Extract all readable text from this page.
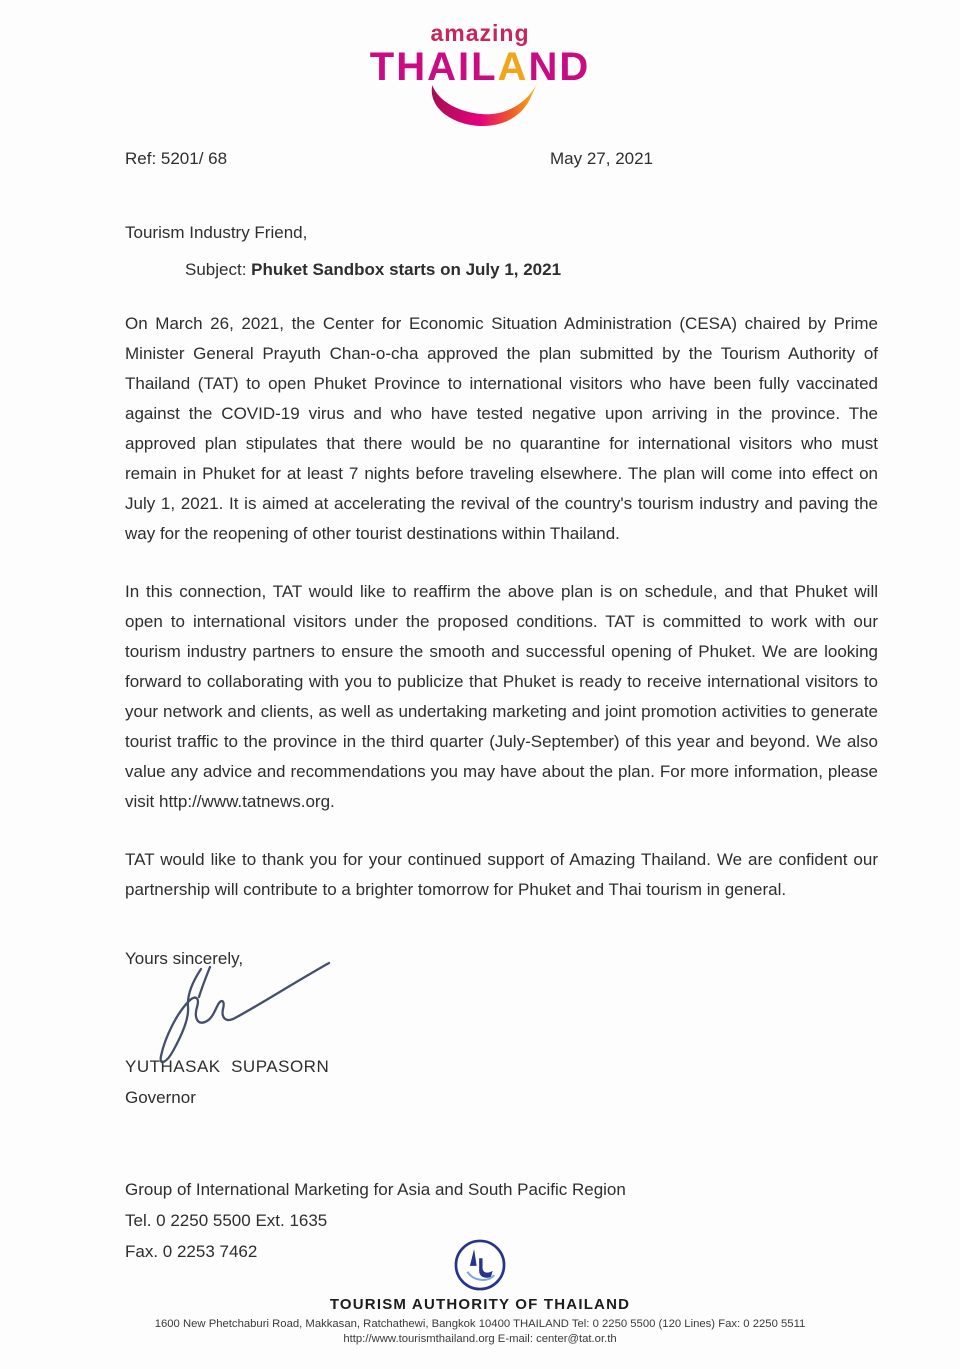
amazing
THAILAND
Ref: 5201/ 68	May 27, 2021
Tourism Industry Friend,
Subject: Phuket Sandbox starts on July 1, 2021

On March 26, 2021, the Center for Economic Situation Administration (CESA) chaired by Prime Minister General Prayuth Chan-o-cha approved the plan submitted by the Tourism Authority of Thailand (TAT) to open Phuket Province to international visitors who have been fully vaccinated against the COVID-19 virus and who have tested negative upon arriving in the province. The approved plan stipulates that there would be no quarantine for international visitors who must remain in Phuket for at least 7 nights before traveling elsewhere. The plan will come into effect on July 1, 2021. It is aimed at accelerating the revival of the country's tourism industry and paving the way for the reopening of other tourist destinations within Thailand.

In this connection, TAT would like to reaffirm the above plan is on schedule, and that Phuket will open to international visitors under the proposed conditions. TAT is committed to work with our tourism industry partners to ensure the smooth and successful opening of Phuket. We are looking forward to collaborating with you to publicize that Phuket is ready to receive international visitors to your network and clients, as well as undertaking marketing and joint promotion activities to generate tourist traffic to the province in the third quarter (July-September) of this year and beyond. We also value any advice and recommendations you may have about the plan. For more information, please visit http://www.tatnews.org.

TAT would like to thank you for your continued support of Amazing Thailand. We are confident our partnership will contribute to a brighter tomorrow for Phuket and Thai tourism in general.

Yours sincerely,
YUTHASAK  SUPASORN
Governor
Group of International Marketing for Asia and South Pacific Region
Tel. 0 2250 5500 Ext. 1635
Fax. 0 2253 7462
TOURISM AUTHORITY OF THAILAND
1600 New Phetchaburi Road, Makkasan, Ratchathewi, Bangkok 10400 THAILAND Tel: 0 2250 5500 (120 Lines) Fax: 0 2250 5511
http://www.tourismthailand.org E-mail: center@tat.or.th
